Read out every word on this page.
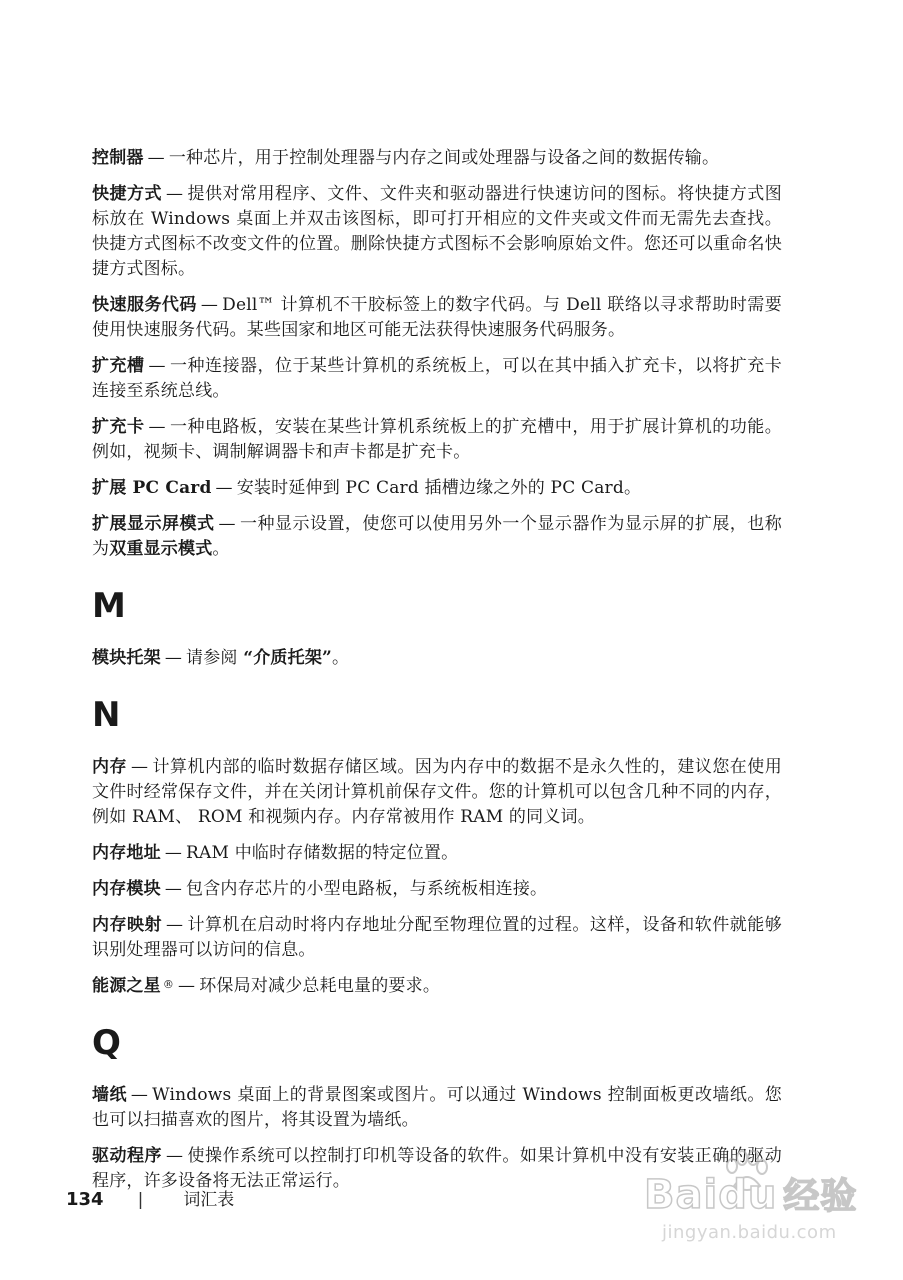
控制器 — 一种芯片，用于控制处理器与内存之间或处理器与设备之间的数据传输。

快捷方式 — 提供对常用程序、文件、文件夹和驱动器进行快速访问的图标。将快捷方式图标放在 Windows 桌面上并双击该图标，即可打开相应的文件夹或文件而无需先去查找。快捷方式图标不改变文件的位置。删除快捷方式图标不会影响原始文件。您还可以重命名快捷方式图标。

快速服务代码 — Dell™ 计算机不干胶标签上的数字代码。与 Dell 联络以寻求帮助时需要使用快速服务代码。某些国家和地区可能无法获得快速服务代码服务。

扩充槽 — 一种连接器，位于某些计算机的系统板上，可以在其中插入扩充卡，以将扩充卡连接至系统总线。

扩充卡 — 一种电路板，安装在某些计算机系统板上的扩充槽中，用于扩展计算机的功能。例如，视频卡、调制解调器卡和声卡都是扩充卡。

扩展 PC Card — 安装时延伸到 PC Card 插槽边缘之外的 PC Card。

扩展显示屏模式 — 一种显示设置，使您可以使用另外一个显示器作为显示屏的扩展，也称为双重显示模式。

M

模块托架 — 请参阅 “介质托架”。

N

内存 — 计算机内部的临时数据存储区域。因为内存中的数据不是永久性的，建议您在使用文件时经常保存文件，并在关闭计算机前保存文件。您的计算机可以包含几种不同的内存，例如 RAM、 ROM 和视频内存。内存常被用作 RAM 的同义词。

内存地址 — RAM 中临时存储数据的特定位置。

内存模块 — 包含内存芯片的小型电路板，与系统板相连接。

内存映射 — 计算机在启动时将内存地址分配至物理位置的过程。这样，设备和软件就能够识别处理器可以访问的信息。

能源之星 ® — 环保局对减少总耗电量的要求。

Q

墙纸 — Windows 桌面上的背景图案或图片。可以通过 Windows 控制面板更改墙纸。您也可以扫描喜欢的图片，将其设置为墙纸。

驱动程序 — 使操作系统可以控制打印机等设备的软件。如果计算机中没有安装正确的驱动程序，许多设备将无法正常运行。

134 | 词汇表	Baidu 经验
jingyan.baidu.com
